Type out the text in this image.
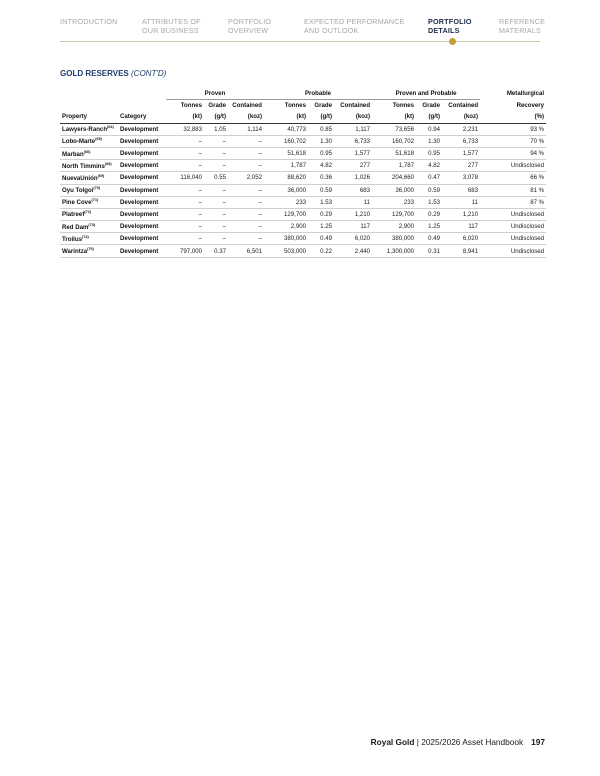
INTRODUCTION	ATTRIBUTES OF
OUR BUSINESS
PORTFOLIO
OVERVIEW
EXPECTED PERFORMANCE
AND OUTLOOK
PORTFOLIO
DETAILS
REFERENCE
MATERIALS
GOLD RESERVES (CONT'D)
		Proven			Probable			Proven and Probable			Metallurgical
		Tonnes	Grade	Contained	Tonnes	Grade	Contained	Tonnes	Grade	Contained	Recovery
Property	Category	(kt)	(g/t)	(koz)	(kt)	(g/t)	(koz)	(kt)	(g/t)	(koz)	(%)
Lawyers-Ranch$^{(64)}$	Development	32,883	1.05	1,114	40,773	0.85	1,117	73,656	0.94	2,231	93 %
Lobo-Marte$^{(65)}$	Development	–	–	–	160,702	1.30	6,733	160,702	1.30	6,733	70 %
Marban$^{(66)}$	Development	–	–	–	51,618	0.95	1,577	51,618	0.95	1,577	94 %
North Timmins$^{(68)}$	Development	–	–	–	1,787	4.82	277	1,787	4.82	277	Undisclosed
NuevaUnión$^{(69)}$	Development	116,040	0.55	2,052	88,620	0.36	1,026	204,660	0.47	3,078	66 %
Oyu Tolgoi$^{(70)}$	Development	–	–	–	36,000	0.59	683	36,000	0.59	683	81 %
Pine Cove$^{(71)}$	Development	–	–	–	233	1.53	11	233	1.53	11	87 %
Platreef$^{(72)}$	Development	–	–	–	129,700	0.29	1,210	129,700	0.29	1,210	Undisclosed
Red Dam$^{(73)}$	Development	–	–	–	2,900	1.25	117	2,900	1.25	117	Undisclosed
Troilus$^{(74)}$	Development	–	–	–	380,000	0.49	6,020	380,000	0.49	6,020	Undisclosed
Warintza$^{(76)}$	Development	797,000	0.37	6,501	503,000	0.22	2,440	1,300,000	0.31	8,941	Undisclosed
Royal Gold | 2025/2026 Asset Handbook 197
